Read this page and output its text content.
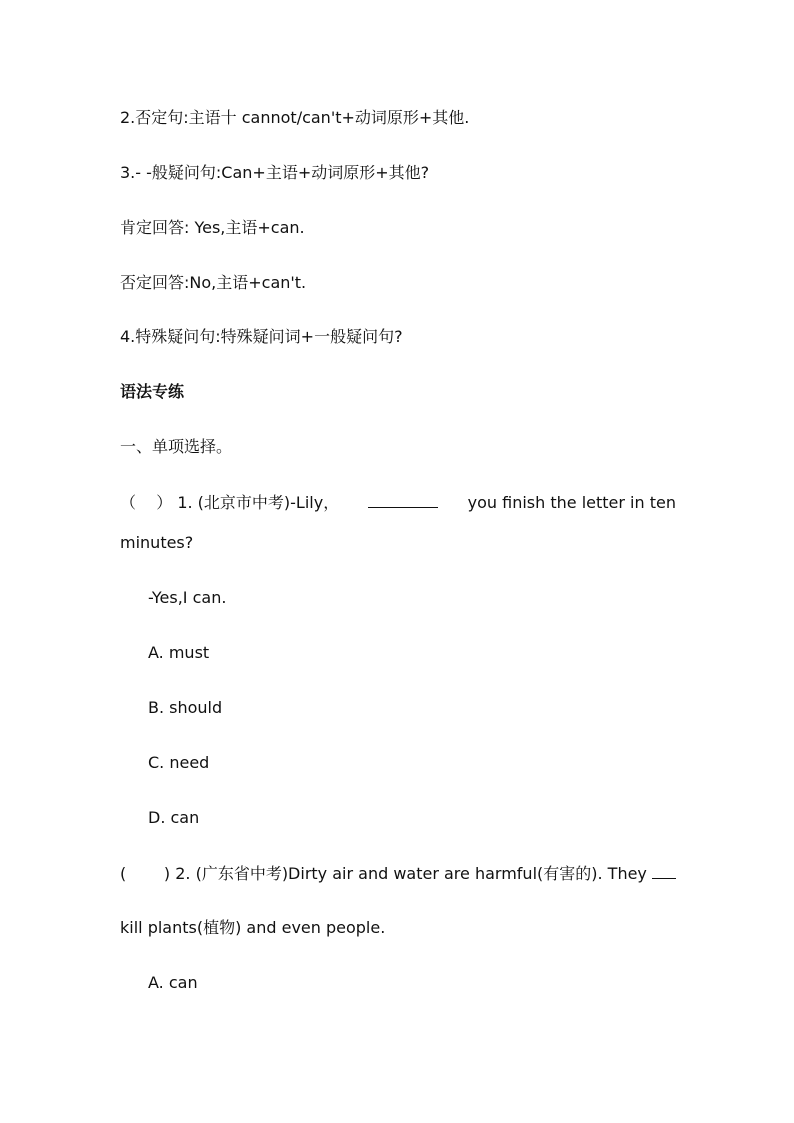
2.否定句:主语十 cannot/can't+动词原形+其他.
3.- -般疑问句:Can+主语+动词原形+其他?
肯定回答: Yes,主语+can.
否定回答:No,主语+can't.
4.特殊疑问句:特殊疑问词+一般疑问句?
语法专练
一、单项选择。
（ ） 1. (北京市中考)-Lily，	you finish the letter in ten
minutes?
-Yes,I can.
A. must
B. should
C. need
D. can
( ) 2. (广东省中考)Dirty air and water are harmful(有害的). They
kill plants(植物) and even people.
A. can
